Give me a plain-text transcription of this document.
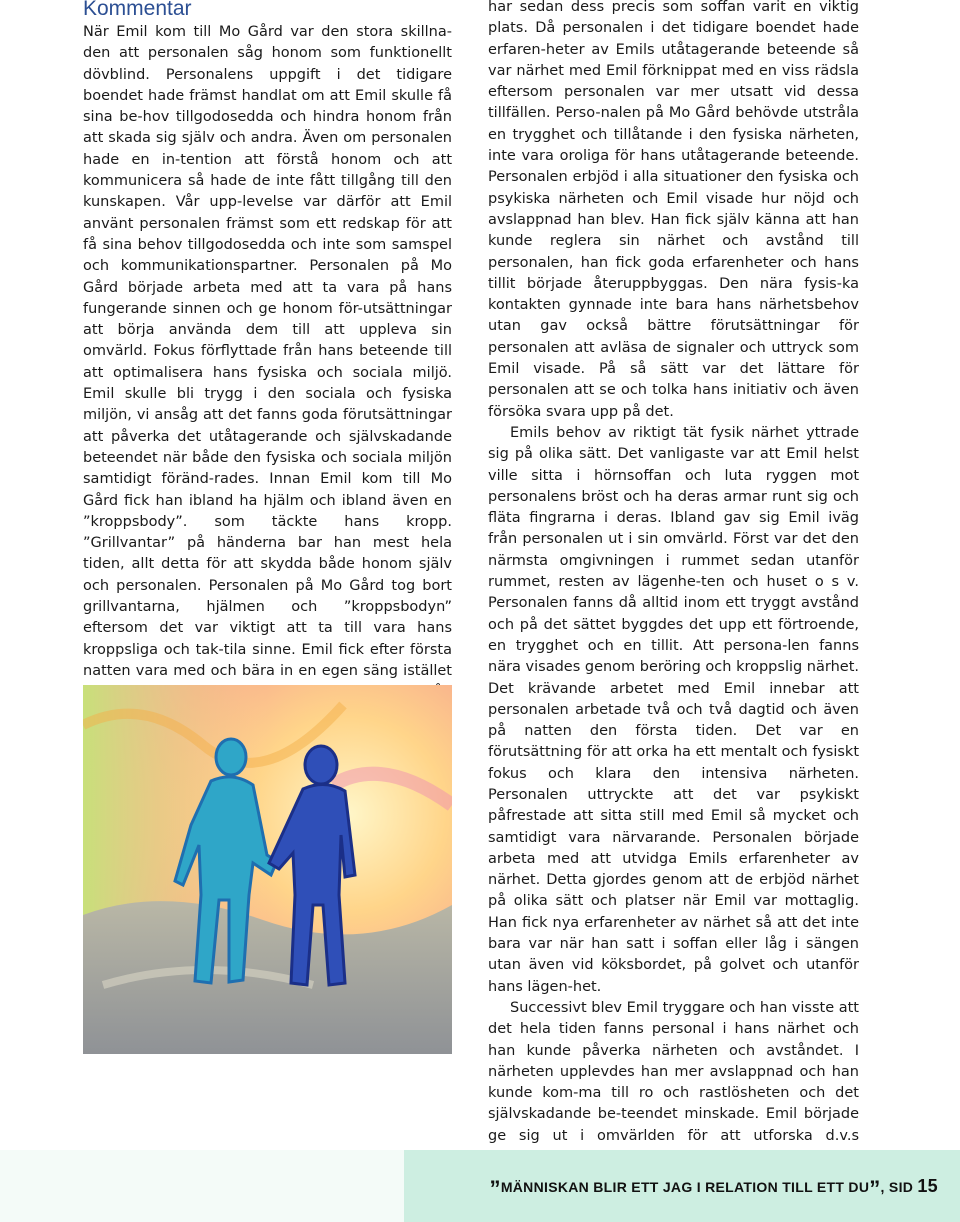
Kommentar

När Emil kom till Mo Gård var den stora skillna-den att personalen såg honom som funktionellt dövblind. Personalens uppgift i det tidigare boendet hade främst handlat om att Emil skulle få sina be-hov tillgodosedda och hindra honom från att skada sig själv och andra. Även om personalen hade en in-tention att förstå honom och att kommunicera så hade de inte fått tillgång till den kunskapen. Vår upp-levelse var därför att Emil använt personalen främst som ett redskap för att få sina behov tillgodosedda och inte som samspel och kommunikationspartner. Personalen på Mo Gård började arbeta med att ta vara på hans fungerande sinnen och ge honom för-utsättningar att börja använda dem till att uppleva sin omvärld. Fokus förflyttade från hans beteende till att optimalisera hans fysiska och sociala miljö. Emil skulle bli trygg i den sociala och fysiska miljön, vi ansåg att det fanns goda förutsättningar att påverka det utåtagerande och självskadande beteendet när både den fysiska och sociala miljön samtidigt föränd-rades. Innan Emil kom till Mo Gård fick han ibland ha hjälm och ibland även en ”kroppsbody”. som täckte hans kropp. ”Grillvantar” på händerna bar han mest hela tiden, allt detta för att skydda både honom själv och personalen. Personalen på Mo Gård tog bort grillvantarna, hjälmen och ”kroppsbodyn” eftersom det var viktigt att ta till vara hans kroppsliga och tak-tila sinne. Emil fick efter första natten vara med och bära in en egen säng istället

har sedan dess precis som soffan varit en viktig plats. Då personalen i det tidigare boendet hade erfaren-heter av Emils utåtagerande beteende så var närhet med Emil förknippat med en viss rädsla eftersom personalen var mer utsatt vid dessa tillfällen. Perso-nalen på Mo Gård behövde utstråla en trygghet och tillåtande i den fysiska närheten, inte vara oroliga för hans utåtagerande beteende. Personalen erbjöd i alla situationer den fysiska och psykiska närheten och Emil visade hur nöjd och avslappnad han blev. Han fick själv känna att han kunde reglera sin närhet och avstånd till personalen, han fick goda erfarenheter och hans tillit började återuppbyggas. Den nära fysis-ka kontakten gynnade inte bara hans närhetsbehov utan gav också bättre förutsättningar för personalen att avläsa de signaler och uttryck som Emil visade. På så sätt var det lättare för personalen att se och tolka hans initiativ och även försöka svara upp på det.

Emils behov av riktigt tät fysik närhet yttrade sig på olika sätt. Det vanligaste var att Emil helst ville sitta i hörnsoffan och luta ryggen mot personalens bröst och ha deras armar runt sig och fläta fingrarna i deras. Ibland gav sig Emil iväg från personalen ut i sin omvärld. Först var det den närmsta omgivningen i rummet sedan utanför rummet, resten av lägenhe-ten och huset o s v. Personalen fanns då alltid inom ett tryggt avstånd och på det sättet byggdes det upp ett förtroende, en trygghet och en tillit. Att persona-len fanns nära visades genom beröring och kroppslig närhet. Det krävande arbetet med Emil innebar att personalen arbetade två och två dagtid och även på natten den första tiden. Det var en förutsättning för att orka ha ett mentalt och fysiskt fokus och klara den intensiva närheten. Personalen uttryckte att det var psykiskt påfrestade att sitta still med Emil så mycket och samtidigt vara närvarande. Personalen började arbeta med att utvidga Emils erfarenheter av närhet. Detta gjordes genom att de erbjöd närhet på olika sätt och platser när Emil var mottaglig. Han fick nya erfarenheter av närhet så att det inte bara var när han satt i soffan eller låg i sängen utan även vid köksbordet, på golvet och utanför hans lägen-het.

Successivt blev Emil tryggare och han visste att det hela tiden fanns personal i hans närhet och han kunde påverka närheten och avståndet. I närheten upplevdes han mer avslappnad och han kunde kom-ma till ro och rastlösheten och det självskadande be-teendet minskade. Emil började ge sig ut i omvärlden för att utforska d.v.s

”MÄNNISKAN BLIR ETT JAG I RELATION TILL ETT DU”, SID 15
